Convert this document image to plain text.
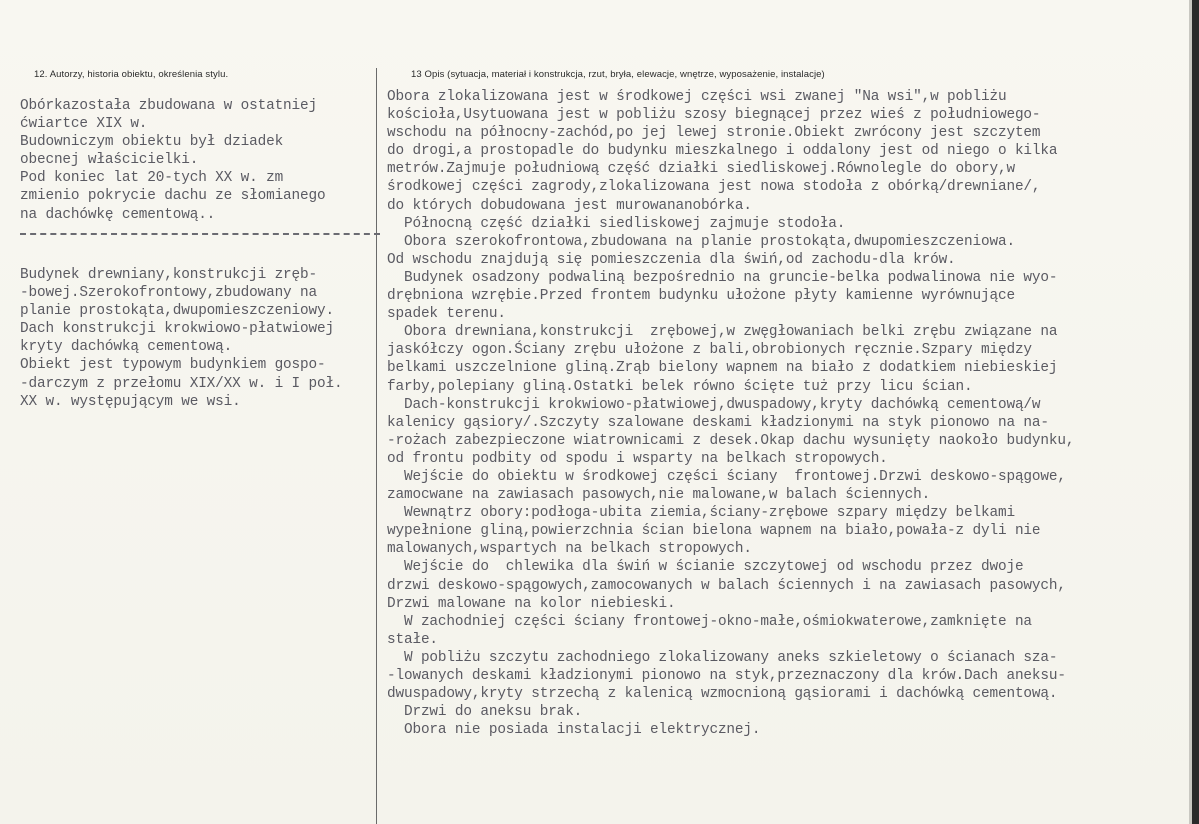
12. Autorzy, historia obiektu, określenia stylu.	13 Opis (sytuacja, materiał i konstrukcja, rzut, bryła, elewacje, wnętrze, wyposażenie, instalacje)
Obórkazostała zbudowana w ostatniej
ćwiartce XIX w.
Budowniczym obiektu był dziadek
obecnej właścicielki.
Pod koniec lat 20-tych XX w. zm
zmienio pokrycie dachu ze słomianego
na dachówkę cementową..
Budynek drewniany,konstrukcji zręb-
-bowej.Szerokofrontowy,zbudowany na
planie prostokąta,dwupomieszczeniowy.
Dach konstrukcji krokwiowo-płatwiowej
kryty dachówką cementową.
Obiekt jest typowym budynkiem gospo-
-darczym z przełomu XIX/XX w. i I poł.
XX w. występującym we wsi.
Obora zlokalizowana jest w środkowej części wsi zwanej "Na wsi",w pobliżu
kościoła,Usytuowana jest w pobliżu szosy biegnącej przez wieś z południowego-
wschodu na północny-zachód,po jej lewej stronie.Obiekt zwrócony jest szczytem
do drogi,a prostopadle do budynku mieszkalnego i oddalony jest od niego o kilka
metrów.Zajmuje południową część działki siedliskowej.Równolegle do obory,w
środkowej części zagrody,zlokalizowana jest nowa stodoła z obórką/drewniane/,
do których dobudowana jest murowananobórka.
Północną część działki siedliskowej zajmuje stodoła.
Obora szerokofrontowa,zbudowana na planie prostokąta,dwupomieszczeniowa.
Od wschodu znajdują się pomieszczenia dla świń,od zachodu-dla krów.
Budynek osadzony podwaliną bezpośrednio na gruncie-belka podwalinowa nie wyo-
drębniona wzrębie.Przed frontem budynku ułożone płyty kamienne wyrównujące
spadek terenu.
Obora drewniana,konstrukcji  zrębowej,w zwęgłowaniach belki zrębu związane na
jaskółczy ogon.Ściany zrębu ułożone z bali,obrobionych ręcznie.Szpary między
belkami uszczelnione gliną.Zrąb bielony wapnem na biało z dodatkiem niebieskiej
farby,polepiany gliną.Ostatki belek równo ścięte tuż przy licu ścian.
Dach-konstrukcji krokwiowo-płatwiowej,dwuspadowy,kryty dachówką cementową/w
kalenicy gąsiory/.Szczyty szalowane deskami kładzionymi na styk pionowo na na-
-rożach zabezpieczone wiatrownicami z desek.Okap dachu wysunięty naokoło budynku,
od frontu podbity od spodu i wsparty na belkach stropowych.
Wejście do obiektu w środkowej części ściany  frontowej.Drzwi deskowo-spągowe,
zamocwane na zawiasach pasowych,nie malowane,w balach ściennych.
Wewnątrz obory:podłoga-ubita ziemia,ściany-zrębowe szpary między belkami
wypełnione gliną,powierzchnia ścian bielona wapnem na biało,powała-z dyli nie
malowanych,wspartych na belkach stropowych.
Wejście do  chlewika dla świń w ścianie szczytowej od wschodu przez dwoje
drzwi deskowo-spągowych,zamocowanych w balach ściennych i na zawiasach pasowych,
Drzwi malowane na kolor niebieski.
W zachodniej części ściany frontowej-okno-małe,ośmiokwaterowe,zamknięte na
stałe.
W pobliżu szczytu zachodniego zlokalizowany aneks szkieletowy o ścianach sza-
-lowanych deskami kładzionymi pionowo na styk,przeznaczony dla krów.Dach aneksu-
dwuspadowy,kryty strzechą z kalenicą wzmocnioną gąsiorami i dachówką cementową.
Drzwi do aneksu brak.
Obora nie posiada instalacji elektrycznej.
